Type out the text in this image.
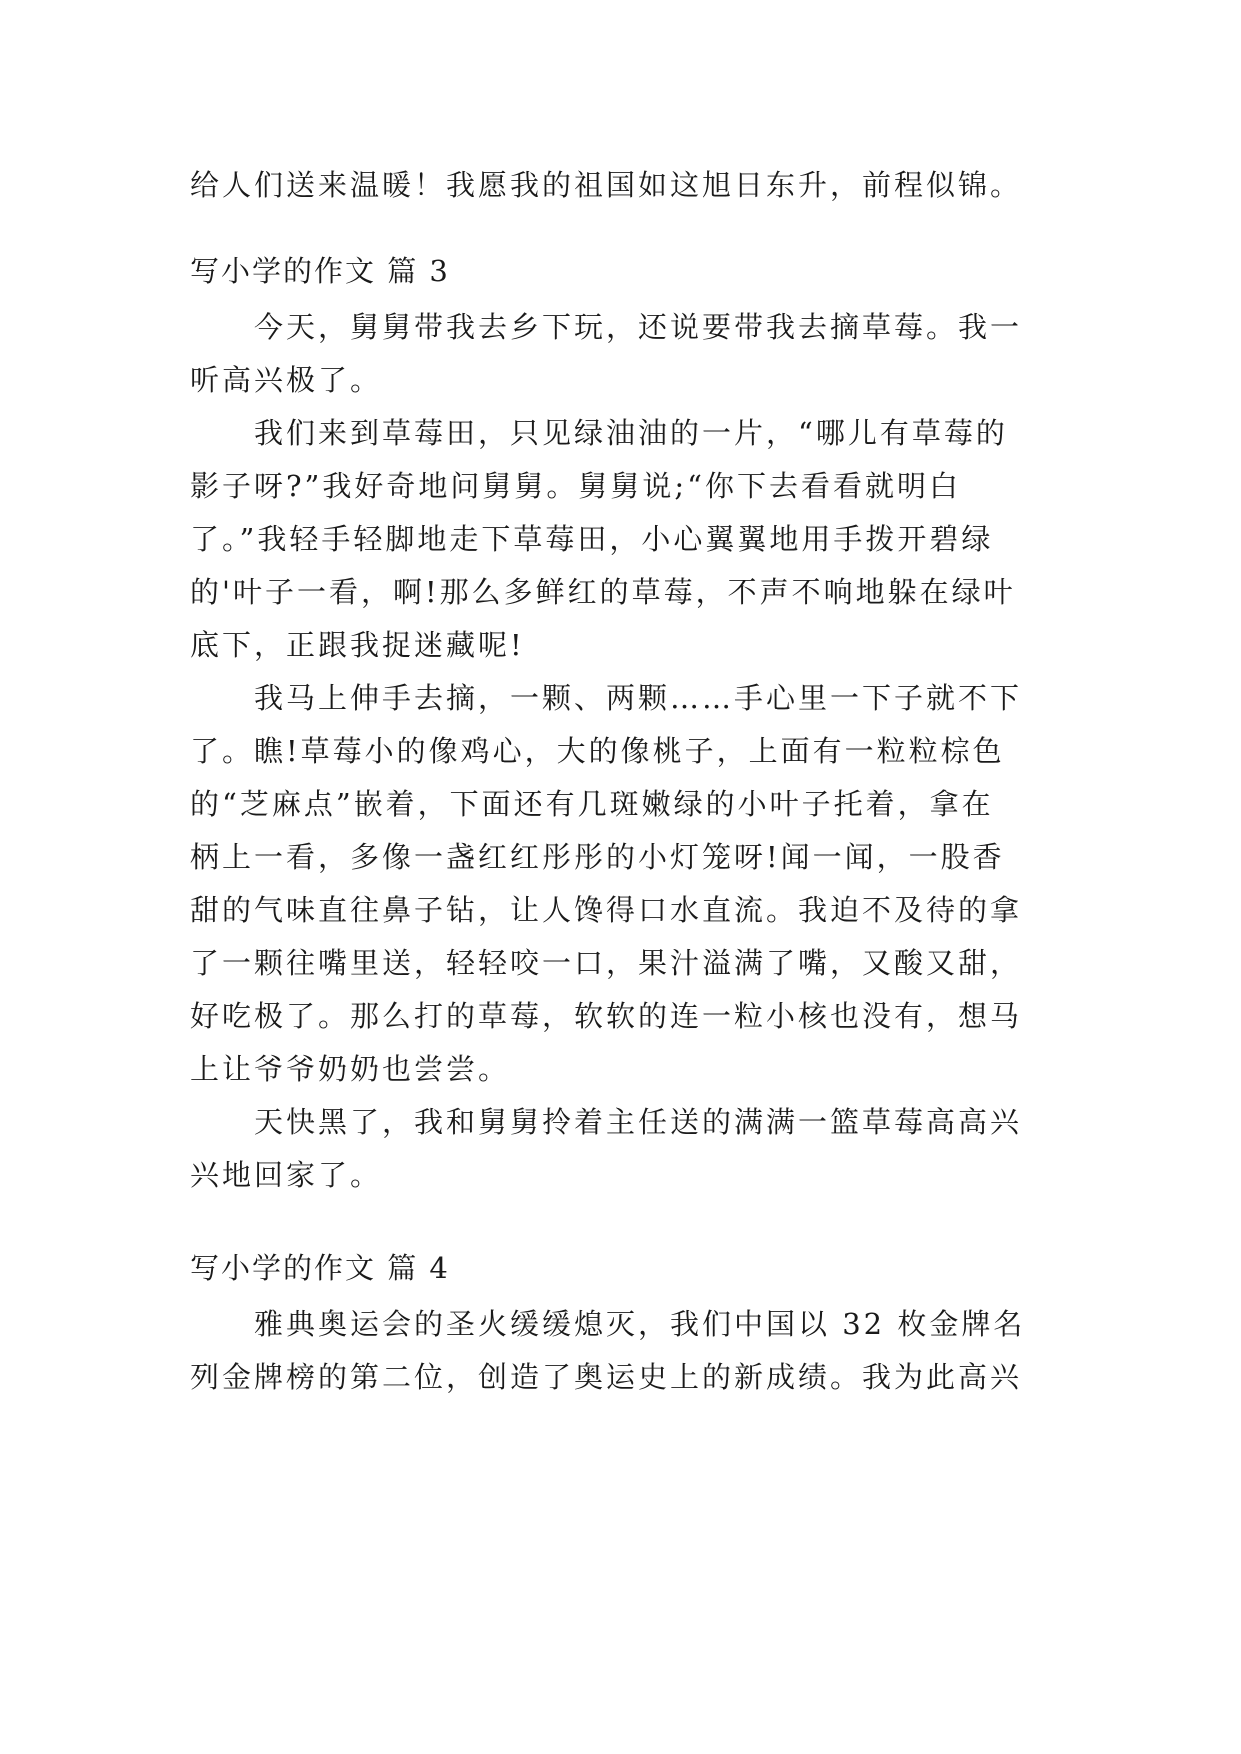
给人们送来温暖！我愿我的祖国如这旭日东升，前程似锦。
写小学的作文 篇 3
今天，舅舅带我去乡下玩，还说要带我去摘草莓。我一
听高兴极了。
我们来到草莓田，只见绿油油的一片，“哪儿有草莓的
影子呀?”我好奇地问舅舅。舅舅说;“你下去看看就明白
了。”我轻手轻脚地走下草莓田，小心翼翼地用手拨开碧绿
的'叶子一看，啊!那么多鲜红的草莓，不声不响地躲在绿叶
底下，正跟我捉迷藏呢!
我马上伸手去摘，一颗、两颗……手心里一下子就不下
了。瞧!草莓小的像鸡心，大的像桃子，上面有一粒粒棕色
的“芝麻点”嵌着，下面还有几斑嫩绿的小叶子托着，拿在
柄上一看，多像一盏红红彤彤的小灯笼呀!闻一闻，一股香
甜的气味直往鼻子钻，让人馋得口水直流。我迫不及待的拿
了一颗往嘴里送，轻轻咬一口，果汁溢满了嘴，又酸又甜，
好吃极了。那么打的草莓，软软的连一粒小核也没有，想马
上让爷爷奶奶也尝尝。
天快黑了，我和舅舅拎着主任送的满满一篮草莓高高兴
兴地回家了。
写小学的作文 篇 4
雅典奥运会的圣火缓缓熄灭，我们中国以 32 枚金牌名
列金牌榜的第二位，创造了奥运史上的新成绩。我为此高兴
